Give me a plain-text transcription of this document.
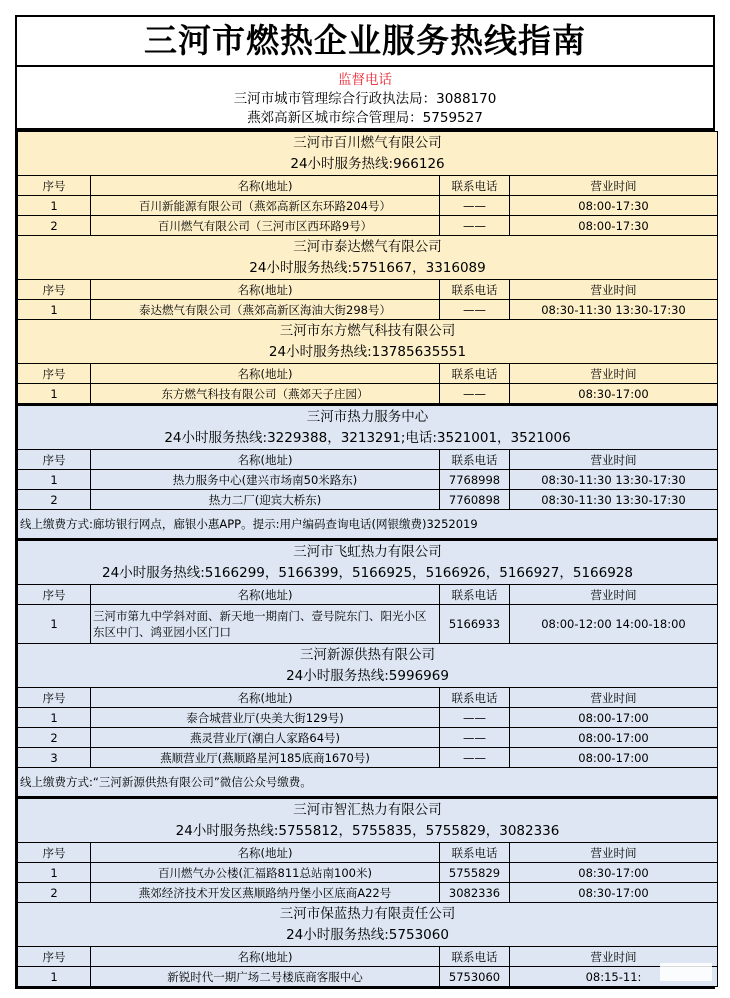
三河市燃热企业服务热线指南
监督电话
三河市城市管理综合行政执法局：3088170
燕郊高新区城市综合管理局：5759527
三河市百川燃气有限公司
24小时服务热线:966126			

序号	名称(地址)	联系电话	营业时间
1	百川新能源有限公司（燕郊高新区东环路204号）	——	08:00-17:30
2	百川燃气有限公司（三河市区西环路9号）	——	08:00-17:30

三河市泰达燃气有限公司
24小时服务热线:5751667，3316089			

序号	名称(地址)	联系电话	营业时间
1	泰达燃气有限公司（燕郊高新区海油大街298号）	——	08:30-11:30 13:30-17:30

三河市东方燃气科技有限公司
24小时服务热线:13785635551			

序号	名称(地址)	联系电话	营业时间
1	东方燃气科技有限公司（燕郊天子庄园）	——	08:30-17:00

三河市热力服务中心
24小时服务热线:3229388，3213291;电话:3521001，3521006			

序号	名称(地址)	联系电话	营业时间
1	热力服务中心(建兴市场南50米路东)	7768998	08:30-11:30 13:30-17:30
2	热力二厂(迎宾大桥东)	7760898	08:30-11:30 13:30-17:30
线上缴费方式:廊坊银行网点，廊银小惠APP。提示:用户编码查询电话(网银缴费)3252019			

三河市飞虹热力有限公司
24小时服务热线:5166299，5166399，5166925，5166926，5166927，5166928			

序号	名称(地址)	联系电话	营业时间
1	三河市第九中学斜对面、新天地一期南门、壹号院东门、阳光小区东区中门、鸿亚园小区门口	5166933	08:00-12:00 14:00-18:00

三河新源供热有限公司
24小时服务热线:5996969			

序号	名称(地址)	联系电话	营业时间
1	泰合城营业厅(央美大街129号)	——	08:00-17:00
2	燕灵营业厅(潮白人家路64号)	——	08:00-17:00
3	燕顺营业厅(燕顺路星河185底商1670号)	——	08:00-17:00
线上缴费方式:“三河新源供热有限公司”微信公众号缴费。			

三河市智汇热力有限公司
24小时服务热线:5755812，5755835，5755829，3082336			

序号	名称(地址)	联系电话	营业时间
1	百川燃气办公楼(汇福路811总站南100米)	5755829	08:30-17:00
2	燕郊经济技术开发区燕顺路纳丹堡小区底商A22号	3082336	08:30-17:00

三河市保蓝热力有限责任公司
24小时服务热线:5753060			

序号	名称(地址)	联系电话	营业时间
1	新锐时代一期广场二号楼底商客服中心	5753060	08:15-11:
